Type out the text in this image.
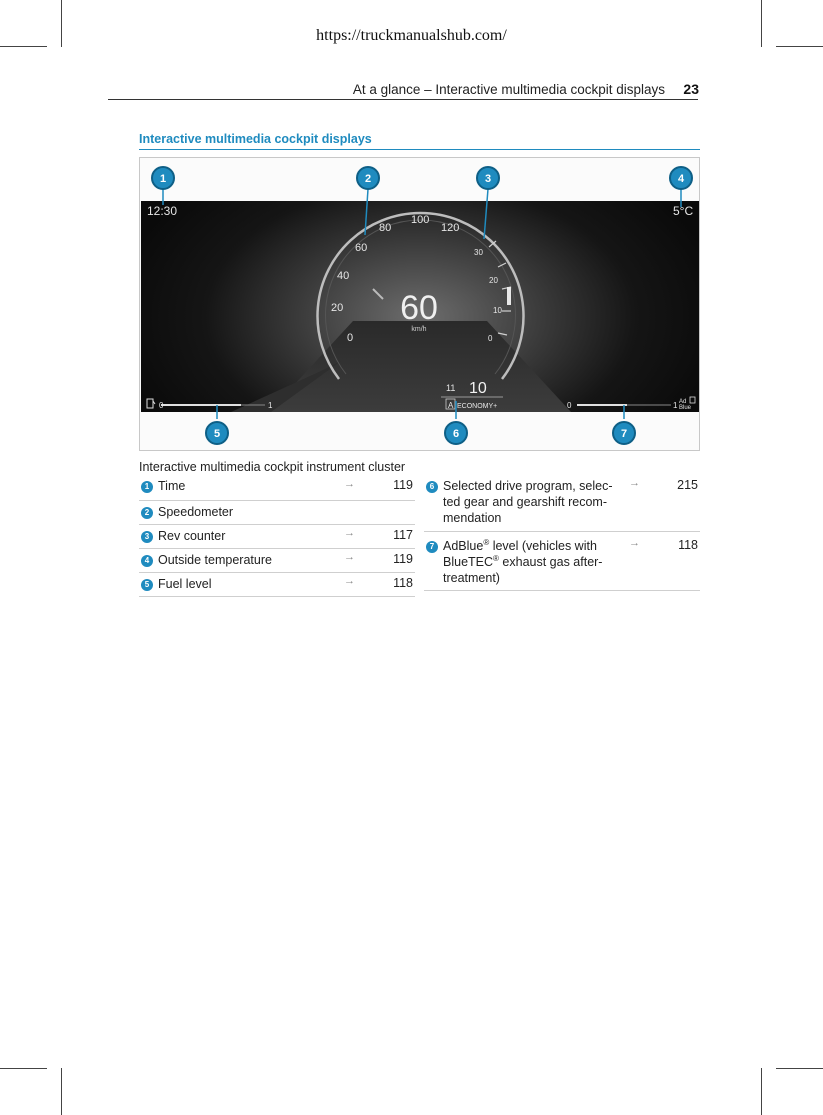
https://truckmanualshub.com/
At a glance – Interactive multimedia cockpit displays 23
Interactive multimedia cockpit displays
12:30	5°C
0
20
40
60
80
100
120
0
10
20
30
60
km/h
11 10
A ECONOMY+
0	1	0	1 Ad
Blue
1	2	3	4
5	6	7
Interactive multimedia cockpit instrument cluster
1 Time	→	119
2 Speedometer
3 Rev counter	→	117
4 Outside temperature	→	119
5 Fuel level	→	118
6 Selected drive program, selec-
ted gear and gearshift recom-
mendation
→	215
7 AdBlue® level (vehicles with
BlueTEC® exhaust gas after-
treatment)
→	118
